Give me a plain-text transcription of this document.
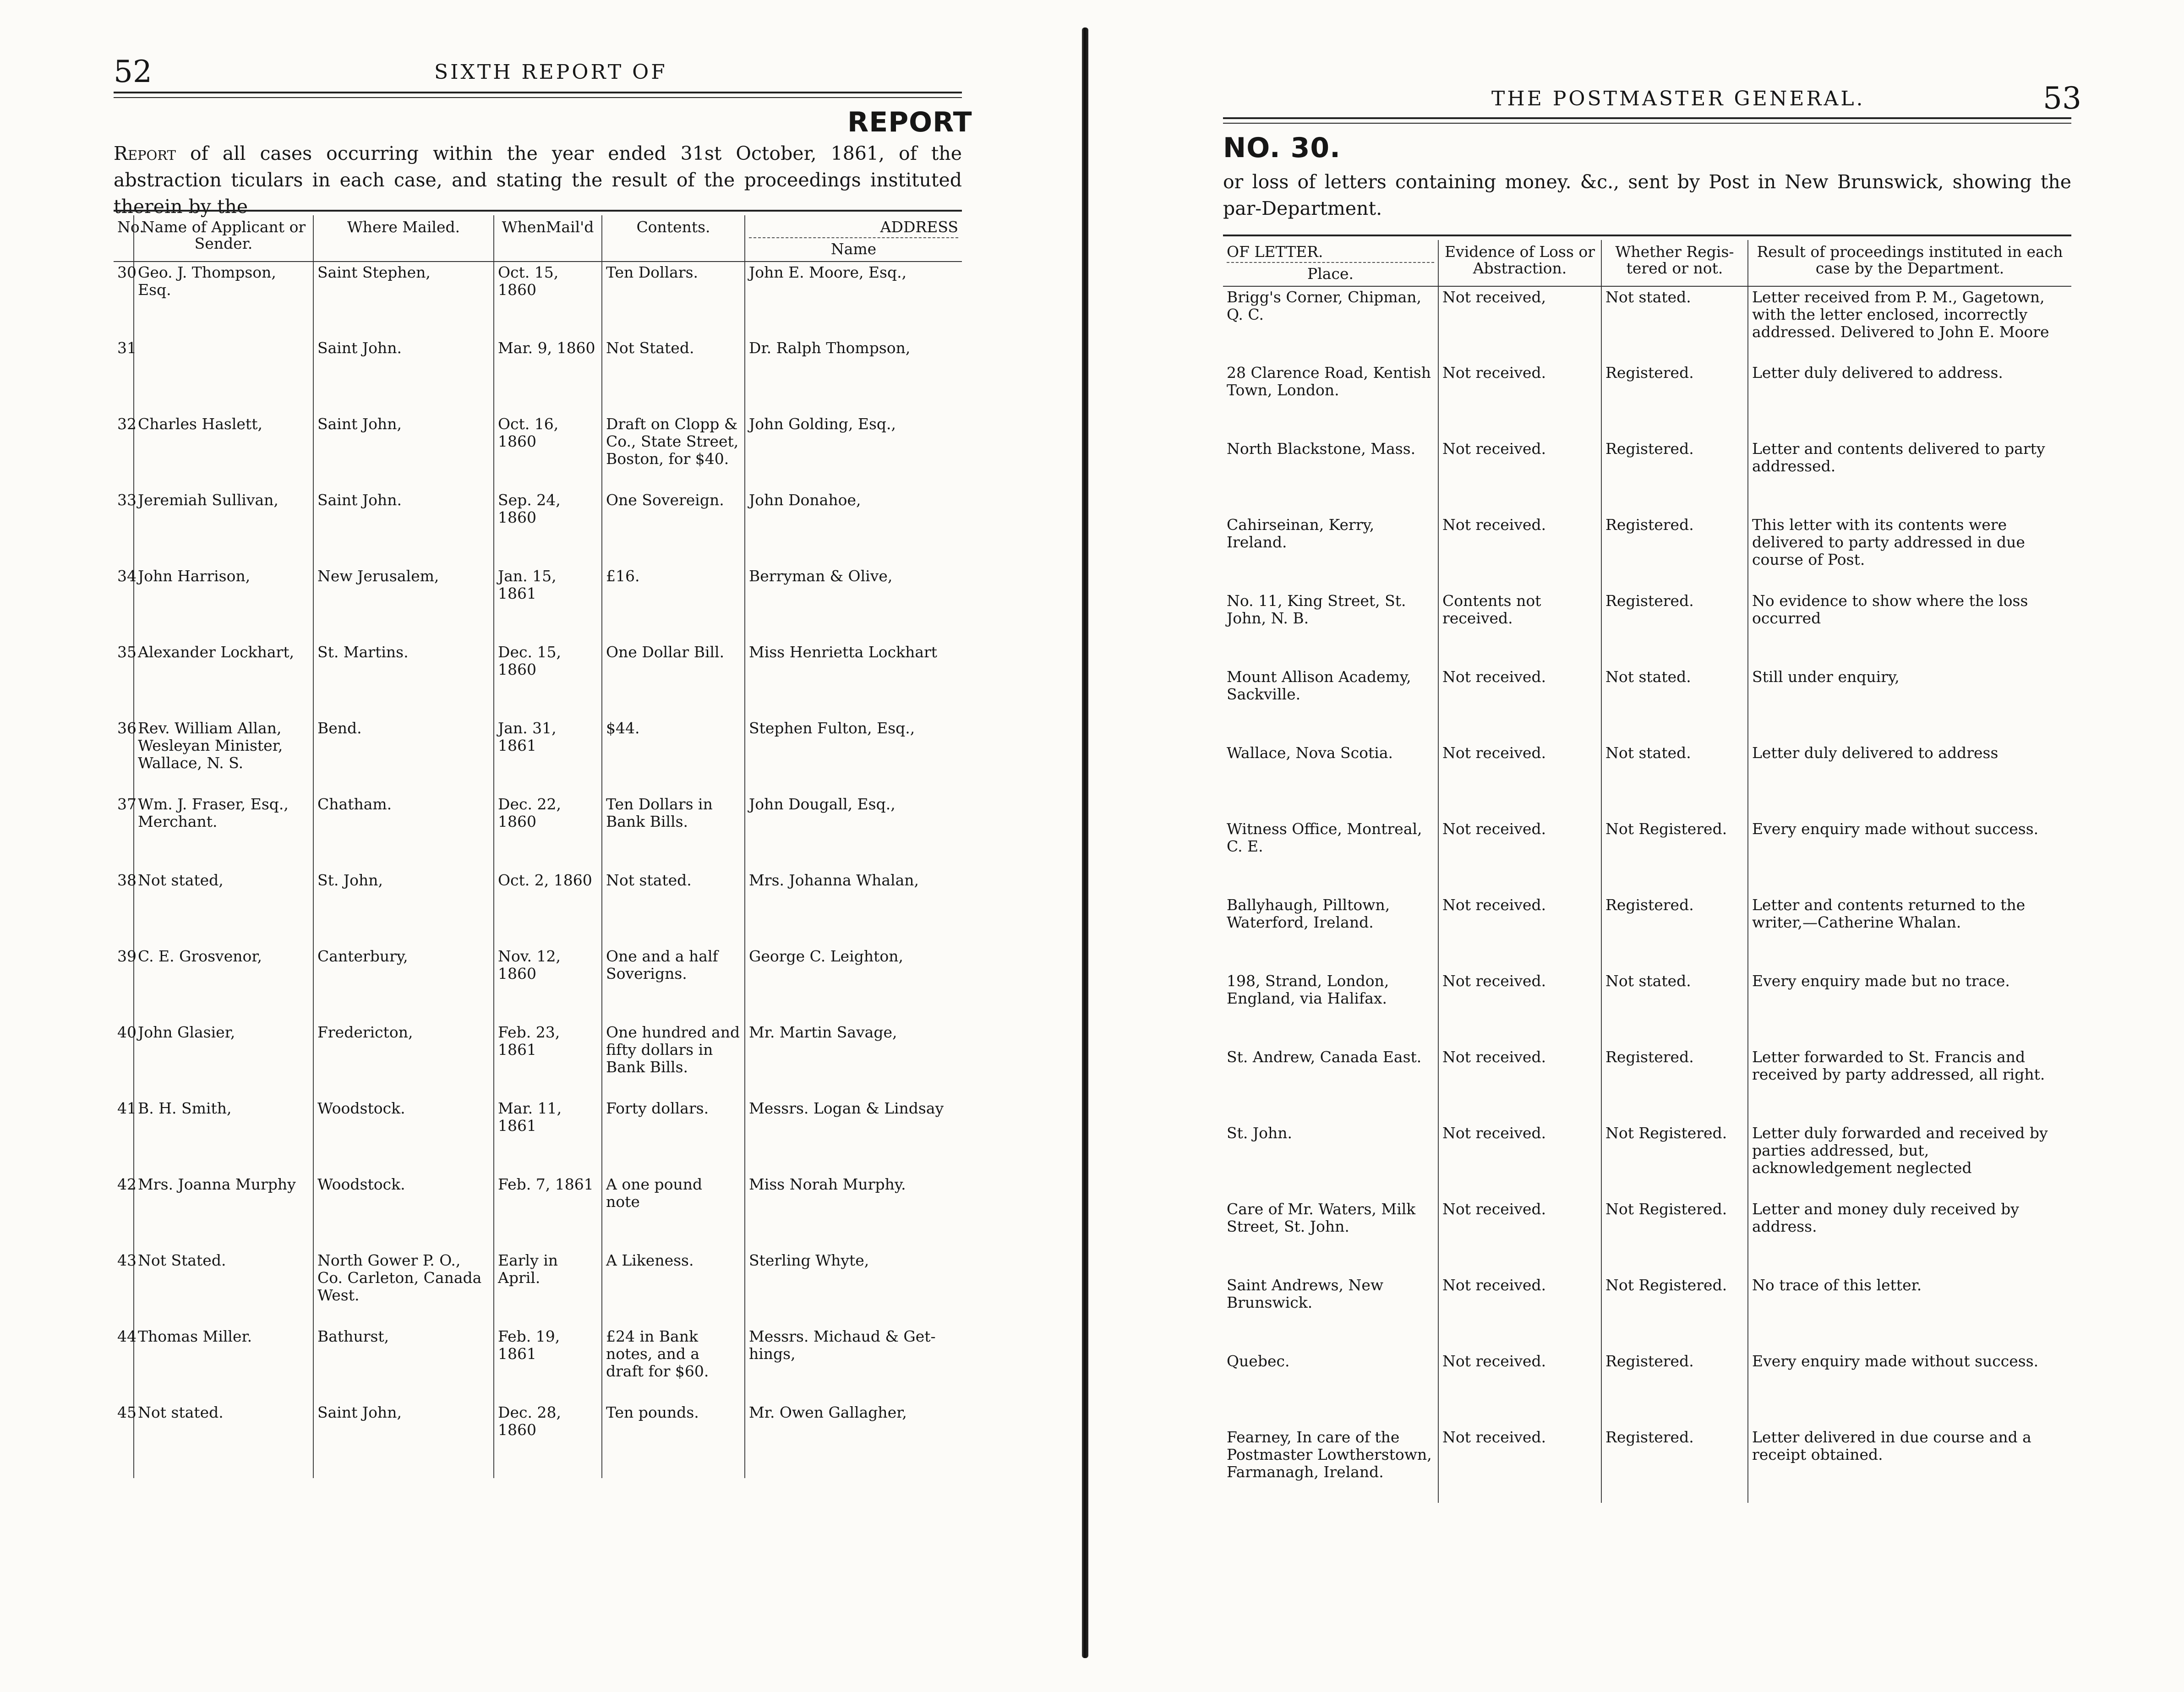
52	SIXTH REPORT OF
REPORT
Report of all cases occurring within the year ended 31st October, 1861, of the abstraction ticulars in each case, and stating the result of the proceedings instituted therein by the
No.	Name of Applicant or Sender.	Where Mailed.	WhenMail'd	Contents.	ADDRESS
Name

30	Geo. J. Thompson, Esq.	Saint Stephen,	Oct. 15, 1860	Ten Dollars.	John E. Moore, Esq.,
31		Saint John.	Mar. 9, 1860	Not Stated.	Dr. Ralph Thompson,
32	Charles Haslett,	Saint John,	Oct. 16, 1860	Draft on Clopp & Co., State Street, Boston, for $40.	John Golding, Esq.,
33	Jeremiah Sullivan,	Saint John.	Sep. 24, 1860	One Sovereign.	John Donahoe,
34	John Harrison,	New Jerusalem,	Jan. 15, 1861	£16.	Berryman & Olive,
35	Alexander Lockhart,	St. Martins.	Dec. 15, 1860	One Dollar Bill.	Miss Henrietta Lockhart
36	Rev. William Allan, Wesleyan Minister, Wallace, N. S.	Bend.	Jan. 31, 1861	$44.	Stephen Fulton, Esq.,
37	Wm. J. Fraser, Esq., Merchant.	Chatham.	Dec. 22, 1860	Ten Dollars in Bank Bills.	John Dougall, Esq.,
38	Not stated,	St. John,	Oct. 2, 1860	Not stated.	Mrs. Johanna Whalan,
39	C. E. Grosvenor,	Canterbury,	Nov. 12, 1860	One and a half Soverigns.	George C. Leighton,
40	John Glasier,	Fredericton,	Feb. 23, 1861	One hundred and fifty dollars in Bank Bills.	Mr. Martin Savage,
41	B. H. Smith,	Woodstock.	Mar. 11, 1861	Forty dollars.	Messrs. Logan & Lindsay
42	Mrs. Joanna Murphy	Woodstock.	Feb. 7, 1861	A one pound note	Miss Norah Murphy.
43	Not Stated.	North Gower P. O., Co. Carleton, Canada West.	Early in April.	A Likeness.	Sterling Whyte,
44	Thomas Miller.	Bathurst,	Feb. 19, 1861	£24 in Bank notes, and a draft for $60.	Messrs. Michaud & Get-hings,
45	Not stated.	Saint John,	Dec. 28, 1860	Ten pounds.	Mr. Owen Gallagher,
THE POSTMASTER GENERAL.	53
NO. 30.
or loss of letters containing money. &c., sent by Post in New Brunswick, showing the par-Department.
OF LETTER.
Place.	Evidence of Loss or Abstraction.	Whether Regis-tered or not.	Result of proceedings instituted in each case by the Department.
Brigg's Corner, Chipman, Q. C.	Not received,	Not stated.	Letter received from P. M., Gagetown, with the letter enclosed, incorrectly addressed. Delivered to John E. Moore
28 Clarence Road, Kentish Town, London.	Not received.	Registered.	Letter duly delivered to address.
North Blackstone, Mass.	Not received.	Registered.	Letter and contents delivered to party addressed.
Cahirseinan, Kerry, Ireland.	Not received.	Registered.	This letter with its contents were delivered to party addressed in due course of Post.
No. 11, King Street, St. John, N. B.	Contents not received.	Registered.	No evidence to show where the loss occurred
Mount Allison Academy, Sackville.	Not received.	Not stated.	Still under enquiry,
Wallace, Nova Scotia.	Not received.	Not stated.	Letter duly delivered to address
Witness Office, Montreal, C. E.	Not received.	Not Registered.	Every enquiry made without success.
Ballyhaugh, Pilltown, Waterford, Ireland.	Not received.	Registered.	Letter and contents returned to the writer,—Catherine Whalan.
198, Strand, London, England, via Halifax.	Not received.	Not stated.	Every enquiry made but no trace.
St. Andrew, Canada East.	Not received.	Registered.	Letter forwarded to St. Francis and received by party addressed, all right.
St. John.	Not received.	Not Registered.	Letter duly forwarded and received by parties addressed, but, acknowledgement neglected
Care of Mr. Waters, Milk Street, St. John.	Not received.	Not Registered.	Letter and money duly received by address.
Saint Andrews, New Brunswick.	Not received.	Not Registered.	No trace of this letter.
Quebec.	Not received.	Registered.	Every enquiry made without success.
Fearney, In care of the Postmaster Lowtherstown, Farmanagh, Ireland.	Not received.	Registered.	Letter delivered in due course and a receipt obtained.
